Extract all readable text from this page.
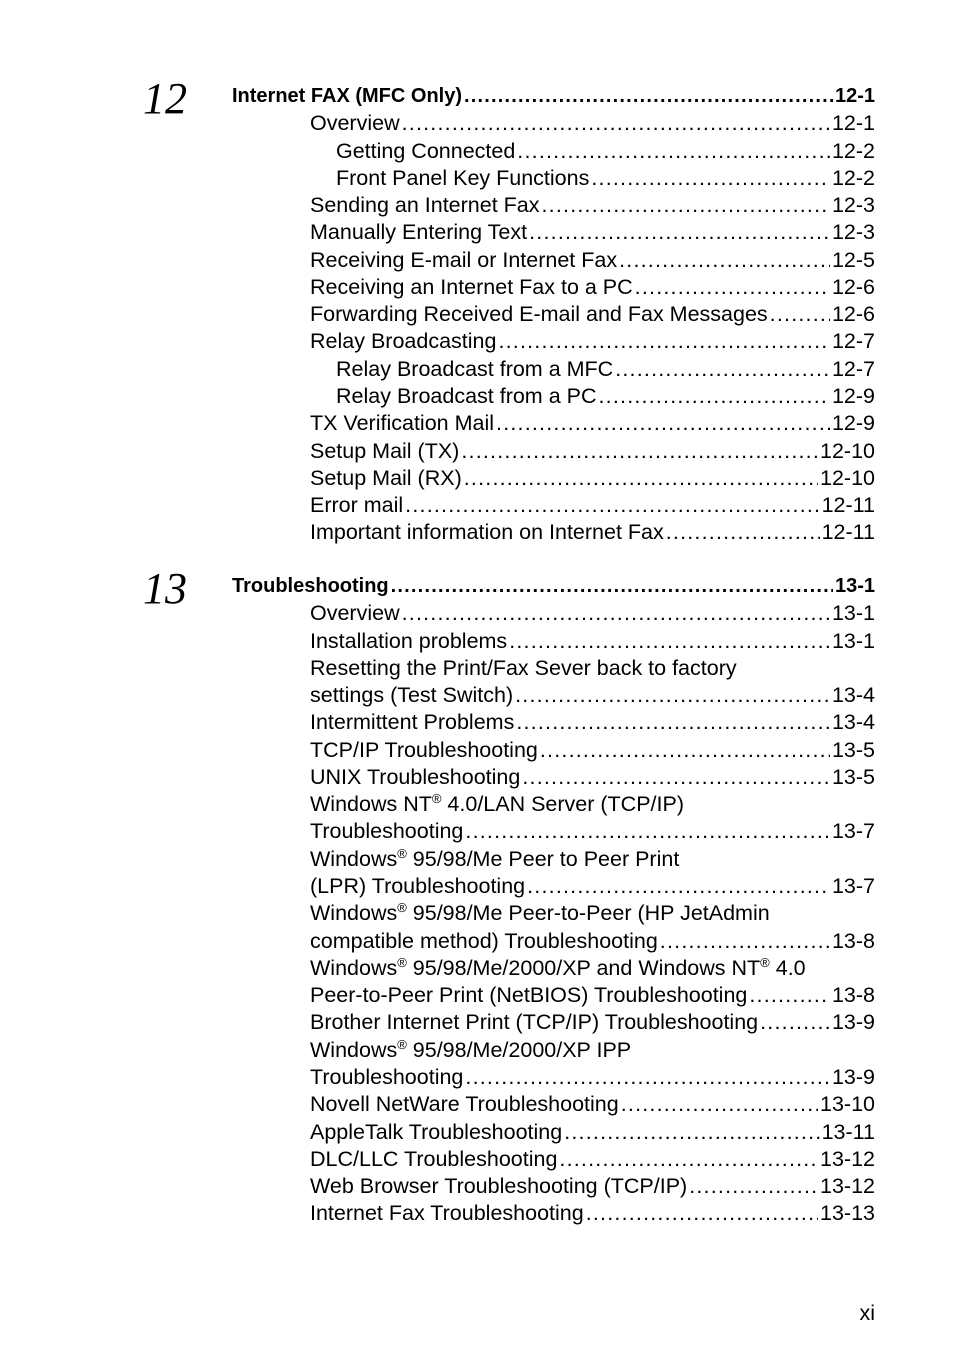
12 Internet FAX (MFC Only) .....	12-1
Overview .....	12-1
Getting Connected .....	12-2
Front Panel Key Functions .....	12-2
Sending an Internet Fax .....	12-3
Manually Entering Text .....	12-3
Receiving E-mail or Internet Fax .....	12-5
Receiving an Internet Fax to a PC .....	12-6
Forwarding Received E-mail and Fax Messages .....	12-6
Relay Broadcasting .....	12-7
Relay Broadcast from a MFC .....	12-7
Relay Broadcast from a PC .....	12-9
TX Verification Mail .....	12-9
Setup Mail (TX) .....	12-10
Setup Mail (RX) .....	12-10
Error mail .....	12-11
Important information on Internet Fax .....	12-11
13 Troubleshooting .....	13-1
Overview .....	13-1
Installation problems .....	13-1
Resetting the Print/Fax Sever back to factory
settings (Test Switch) .....	13-4
Intermittent Problems .....	13-4
TCP/IP Troubleshooting .....	13-5
UNIX Troubleshooting .....	13-5
Windows NT® 4.0/LAN Server (TCP/IP)
Troubleshooting .....	13-7
Windows® 95/98/Me Peer to Peer Print
(LPR) Troubleshooting .....	13-7
Windows® 95/98/Me Peer-to-Peer (HP JetAdmin
compatible method) Troubleshooting .....	13-8
Windows® 95/98/Me/2000/XP and Windows NT® 4.0
Peer-to-Peer Print (NetBIOS) Troubleshooting .....	13-8
Brother Internet Print (TCP/IP) Troubleshooting .....	13-9
Windows® 95/98/Me/2000/XP IPP
Troubleshooting .....	13-9
Novell NetWare Troubleshooting .....	13-10
AppleTalk Troubleshooting .....	13-11
DLC/LLC Troubleshooting .....	13-12
Web Browser Troubleshooting (TCP/IP) .....	13-12
Internet Fax Troubleshooting .....	13-13
xi
